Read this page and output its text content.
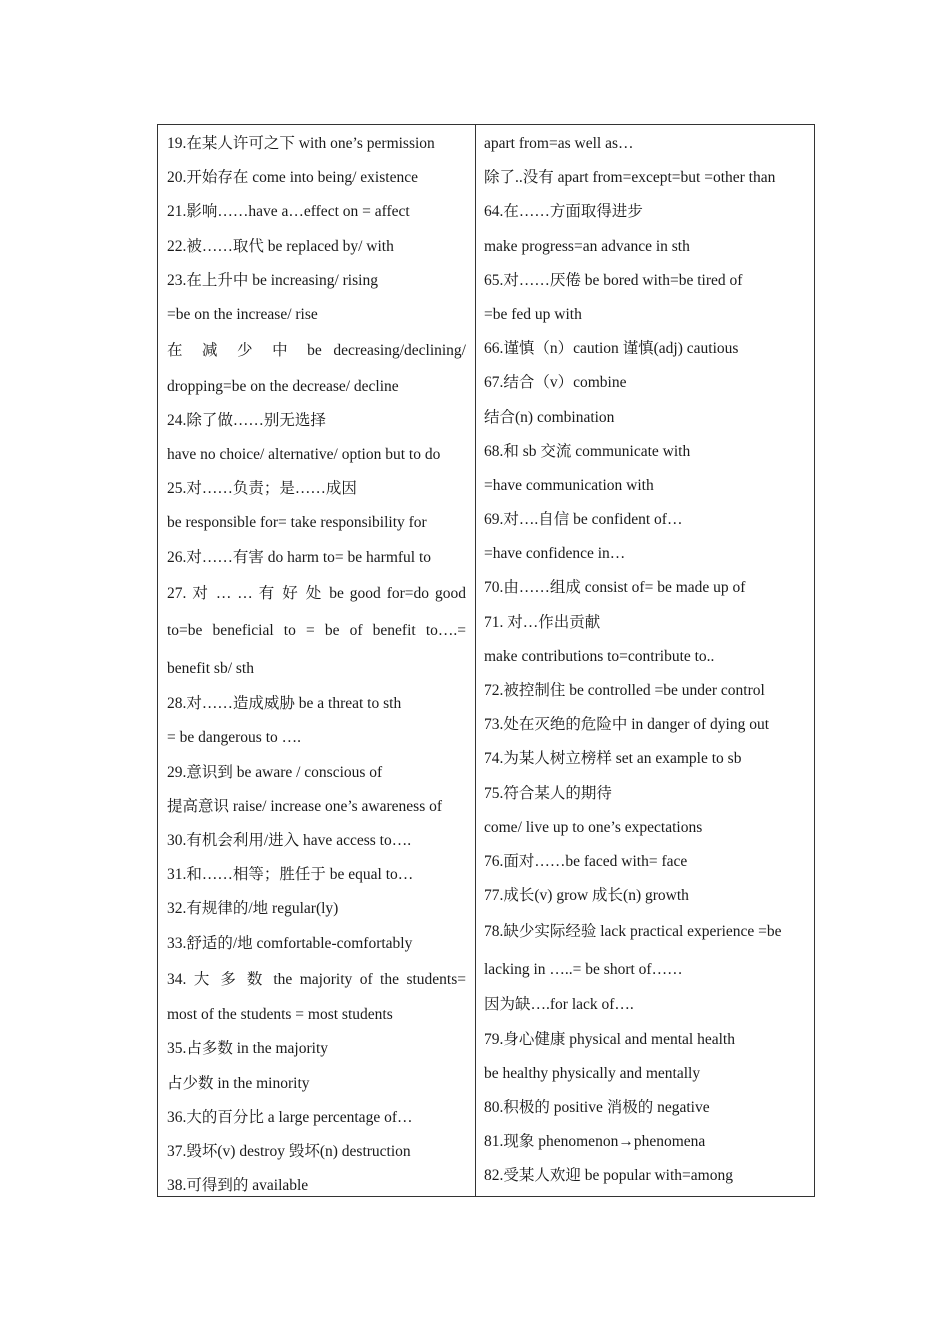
19.在某人许可之下 with one’s permission
20.开始存在 come into being/ existence
21.影响……have a…effect on = affect
22.被……取代 be replaced by/ with
23.在上升中 be increasing/ rising
=be on the increase/ rise
在 减 少 中 be decreasing/declining/
dropping=be on the decrease/ decline
24.除了做……别无选择
have no choice/ alternative/ option but to do
25.对……负责；是……成因
be responsible for= take responsibility for
26.对……有害 do harm to= be harmful to
27. 对 … … 有 好 处 be good for=do good
to=be beneficial to = be of benefit to….=
benefit sb/ sth
28.对……造成威胁 be a threat to sth
= be dangerous to ….
29.意识到 be aware / conscious of
提高意识 raise/ increase one’s awareness of
30.有机会利用/进入 have access to….
31.和……相等；胜任于 be equal to…
32.有规律的/地 regular(ly)
33.舒适的/地 comfortable-comfortably
34. 大 多 数 the majority of the students=
most of the students = most students
35.占多数 in the majority
占少数 in the minority
36.大的百分比 a large percentage of…
37.毁坏(v) destroy 毁坏(n) destruction
38.可得到的 available
apart from=as well as…
除了..没有 apart from=except=but =other than
64.在……方面取得进步
make progress=an advance in sth
65.对……厌倦 be bored with=be tired of
=be fed up with
66.谨慎（n）caution 谨慎(adj) cautious
67.结合（v）combine
结合(n) combination
68.和 sb 交流 communicate with
=have communication with
69.对….自信 be confident of…
=have confidence in…
70.由……组成 consist of= be made up of
71. 对…作出贡献
make contributions to=contribute to..
72.被控制住 be controlled =be under control
73.处在灭绝的危险中 in danger of dying out
74.为某人树立榜样 set an example to sb
75.符合某人的期待
come/ live up to one’s expectations
76.面对……be faced with= face
77.成长(v) grow 成长(n) growth
78.缺少实际经验 lack practical experience =be
lacking in …..= be short of……
因为缺….for lack of….
79.身心健康 physical and mental health
be healthy physically and mentally
80.积极的 positive 消极的 negative
81.现象 phenomenon→phenomena
82.受某人欢迎 be popular with=among
